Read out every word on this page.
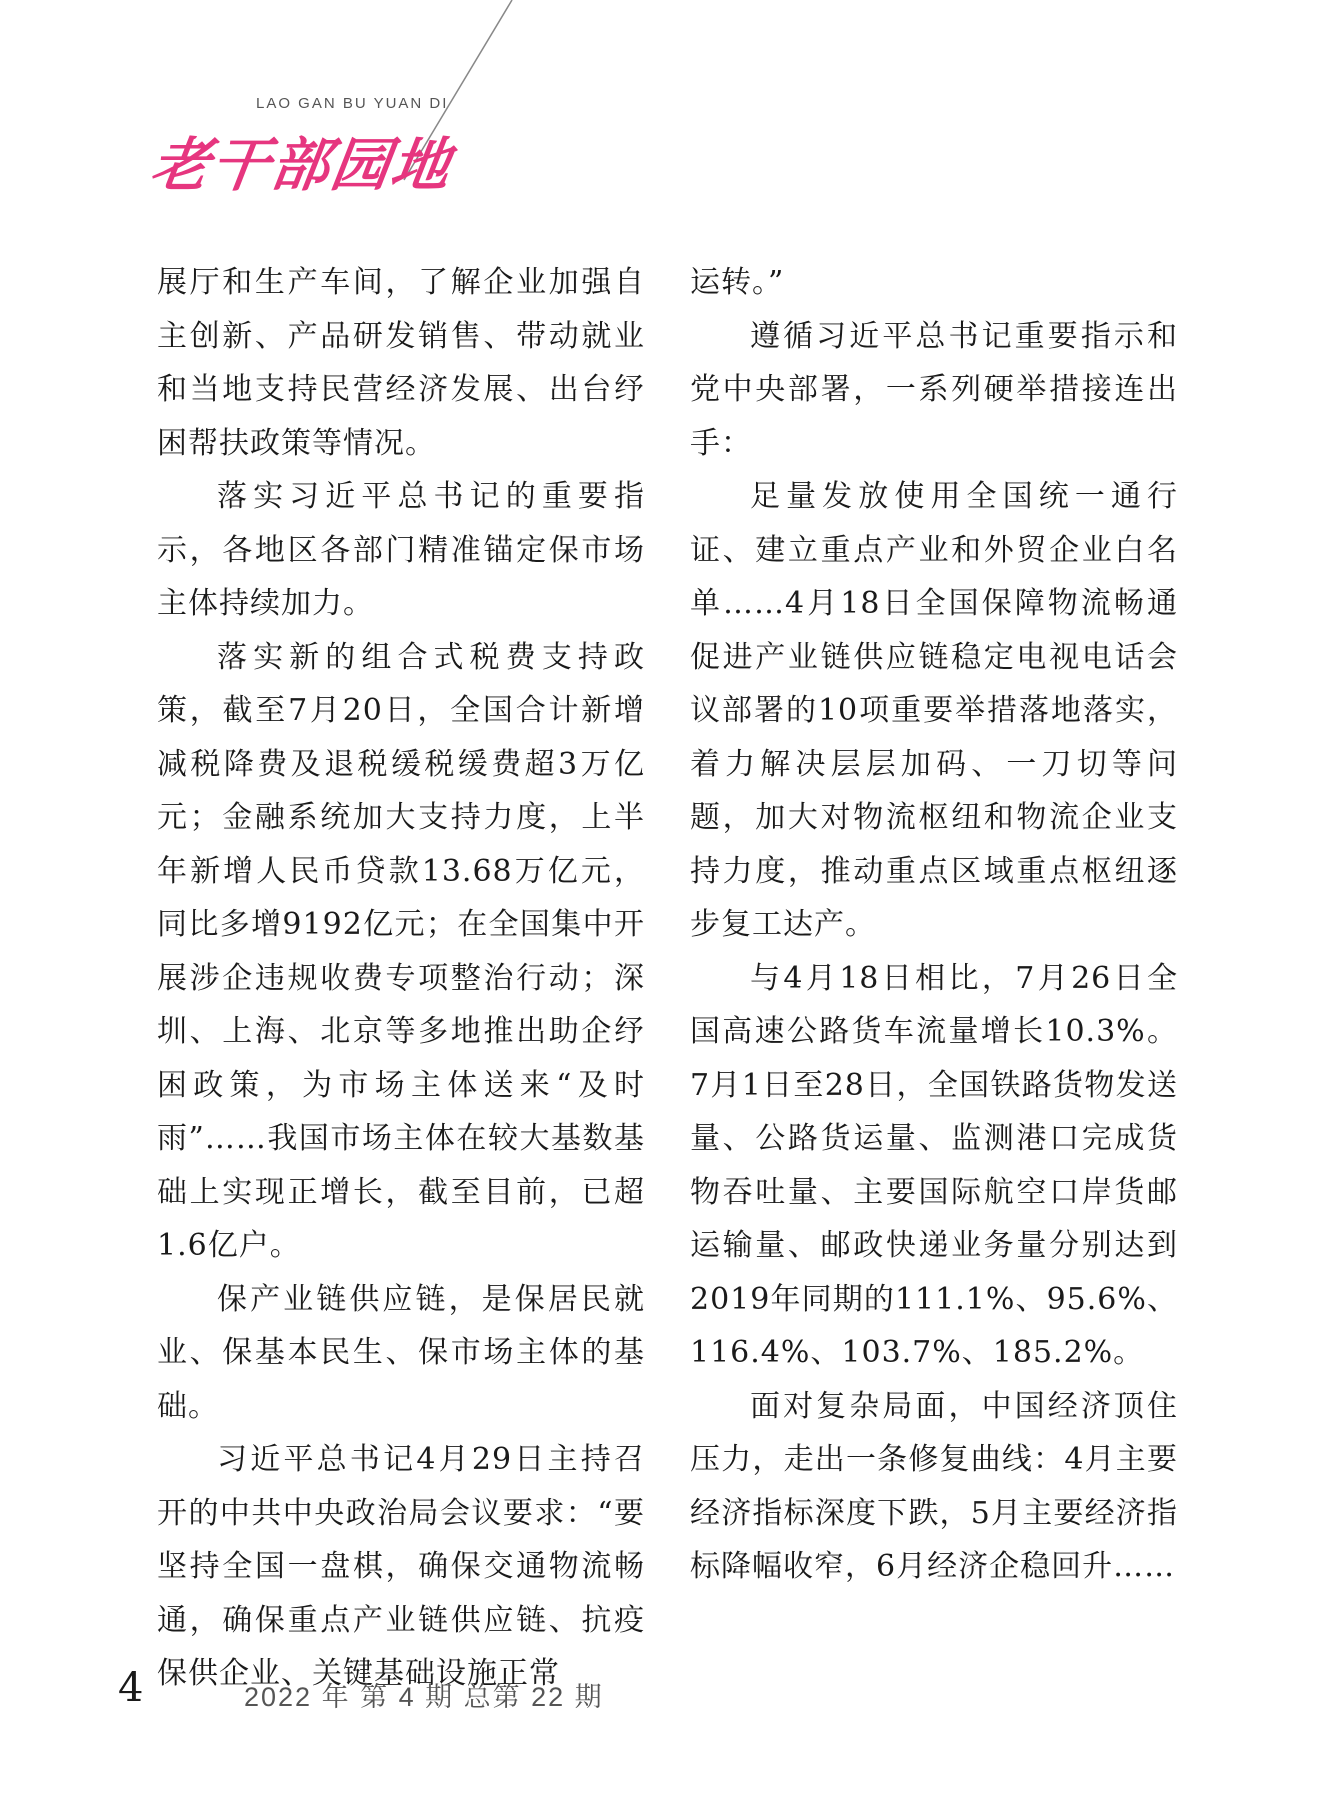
LAO GAN BU YUAN DI
老干部园地

展厅和生产车间，了解企业加强自主创新、产品研发销售、带动就业和当地支持民营经济发展、出台纾困帮扶政策等情况。

落实习近平总书记的重要指示，各地区各部门精准锚定保市场主体持续加力。

落实新的组合式税费支持政策，截至7月20日，全国合计新增减税降费及退税缓税缓费超3万亿元；金融系统加大支持力度，上半年新增人民币贷款13.68万亿元，同比多增9192亿元；在全国集中开展涉企违规收费专项整治行动；深圳、上海、北京等多地推出助企纾困政策，为市场主体送来“及时雨”……我国市场主体在较大基数基础上实现正增长，截至目前，已超1.6亿户。

保产业链供应链，是保居民就业、保基本民生、保市场主体的基础。

习近平总书记4月29日主持召开的中共中央政治局会议要求：“要坚持全国一盘棋，确保交通物流畅通，确保重点产业链供应链、抗疫保供企业、关键基础设施正常

运转。”

遵循习近平总书记重要指示和党中央部署，一系列硬举措接连出手：

足量发放使用全国统一通行证、建立重点产业和外贸企业白名单……4月18日全国保障物流畅通促进产业链供应链稳定电视电话会议部署的10项重要举措落地落实，着力解决层层加码、一刀切等问题，加大对物流枢纽和物流企业支持力度，推动重点区域重点枢纽逐步复工达产。

与4月18日相比，7月26日全国高速公路货车流量增长10.3%。7月1日至28日，全国铁路货物发送量、公路货运量、监测港口完成货物吞吐量、主要国际航空口岸货邮运输量、邮政快递业务量分别达到2019年同期的111.1%、95.6%、116.4%、103.7%、185.2%。

面对复杂局面，中国经济顶住压力，走出一条修复曲线：4月主要经济指标深度下跌，5月主要经济指标降幅收窄，6月经济企稳回升……

4	2022 年 第 4 期 总第 22 期
